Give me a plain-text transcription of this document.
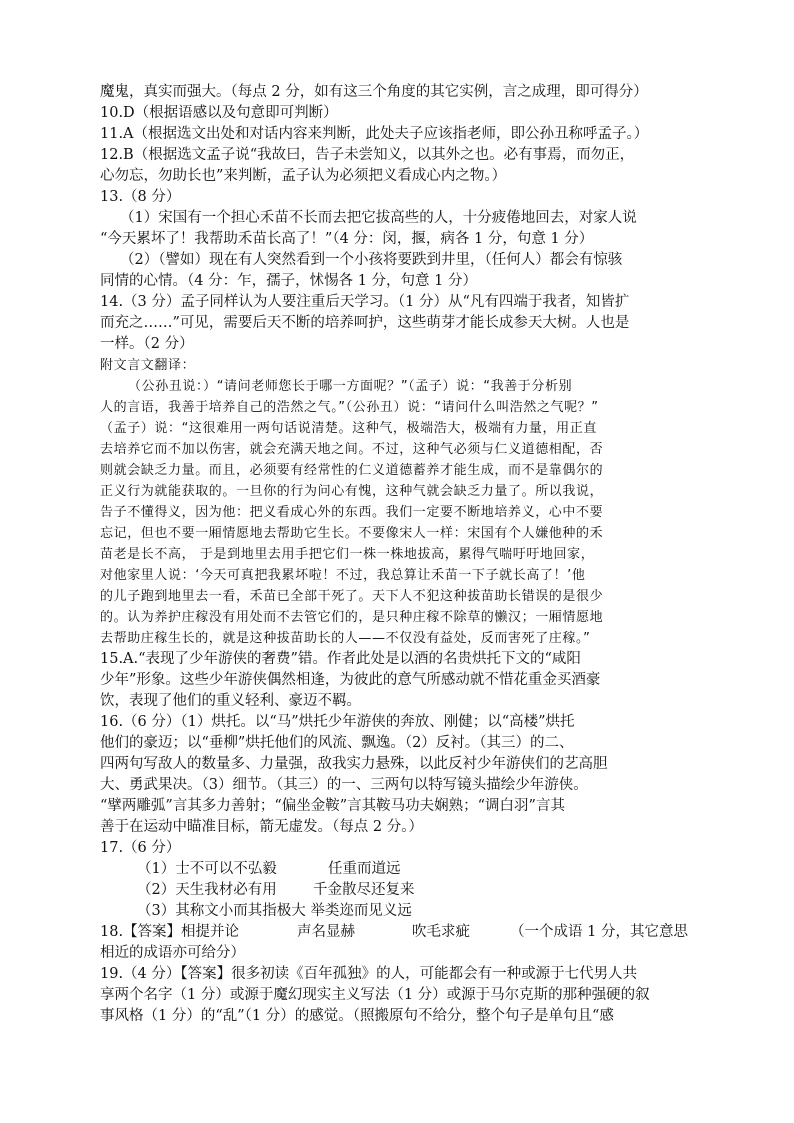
魔鬼，真实而强大。（每点 2 分，如有这三个角度的其它实例，言之成理，即可得分）
10.D（根据语感以及句意即可判断）
11.A（根据选文出处和对话内容来判断，此处夫子应该指老师，即公孙丑称呼孟子。）
12.B（根据选文孟子说“我故曰，告子未尝知义，以其外之也。必有事焉，而勿正，
心勿忘，勿助长也”来判断，孟子认为必须把义看成心内之物。）
13.（8 分）
（1）宋国有一个担心禾苗不长而去把它拔高些的人，十分疲倦地回去，对家人说
“今天累坏了！我帮助禾苗长高了！”（4 分：闵，揠，病各 1 分，句意 1 分）
（2）（譬如）现在有人突然看到一个小孩将要跌到井里，（任何人）都会有惊骇
同情的心情。（4 分：乍，孺子，怵惕各 1 分，句意 1 分）
14.（3 分）孟子同样认为人要注重后天学习。（1 分）从“凡有四端于我者，知皆扩
而充之……”可见，需要后天不断的培养呵护，这些萌芽才能长成参天大树。人也是
一样。（2 分）
附文言文翻译：
（公孙丑说：）“请问老师您长于哪一方面呢？”（孟子）说：“我善于分析别
人的言语，我善于培养自己的浩然之气。”（公孙丑）说：“请问什么叫浩然之气呢？”
（孟子）说：“这很难用一两句话说清楚。这种气，极端浩大，极端有力量，用正直
去培养它而不加以伤害，就会充满天地之间。不过，这种气必须与仁义道德相配，否
则就会缺乏力量。而且，必须要有经常性的仁义道德蓄养才能生成，而不是靠偶尔的
正义行为就能获取的。一旦你的行为问心有愧，这种气就会缺乏力量了。所以我说，
告子不懂得义，因为他：把义看成心外的东西。我们一定要不断地培养义，心中不要
忘记，但也不要一厢情愿地去帮助它生长。不要像宋人一样：宋国有个人嫌他种的禾
苗老是长不高， 于是到地里去用手把它们一株一株地拔高，累得气喘吁吁地回家，
对他家里人说：‘今天可真把我累坏啦！不过，我总算让禾苗一下子就长高了！’他
的儿子跑到地里去一看，禾苗已全部干死了。天下人不犯这种拔苗助长错误的是很少
的。认为养护庄稼没有用处而不去管它们的，是只种庄稼不除草的懒汉；一厢情愿地
去帮助庄稼生长的，就是这种拔苗助长的人——不仅没有益处，反而害死了庄稼。”
15.A.“表现了少年游侠的奢费”错。作者此处是以酒的名贵烘托下文的“咸阳
少年”形象。这些少年游侠偶然相逢，为彼此的意气所感动就不惜花重金买酒豪
饮，表现了他们的重义轻利、豪迈不羁。
16.（6 分）（1）烘托。以“马”烘托少年游侠的奔放、刚健；以“高楼”烘托
他们的豪迈；以“垂柳”烘托他们的风流、飘逸。（2）反衬。（其三）的二、
四两句写敌人的数量多、力量强，敌我实力悬殊，以此反衬少年游侠们的艺高胆
大、勇武果决。（3）细节。（其三）的一、三两句以特写镜头描绘少年游侠。
“擘两雕弧”言其多力善射；“偏坐金鞍”言其鞍马功夫娴熟；“调白羽”言其
善于在运动中瞄准目标，箭无虚发。（每点 2 分。）
17.（6 分）
（1）士不可以不弘毅	任重而道远
（2）天生我材必有用	千金散尽还复来
（3）其称文小而其指极大 举类迩而见义远
18.【答案】相提并论	声名显赫	吹毛求疵	（一个成语 1 分，其它意思
相近的成语亦可给分）
19.（4 分）【答案】很多初读《百年孤独》的人，可能都会有一种或源于七代男人共
享两个名字（1 分）或源于魔幻现实主义写法（1 分）或源于马尔克斯的那种强硬的叙
事风格（1 分）的“乱”（1 分）的感觉。（照搬原句不给分，整个句子是单句且“感
